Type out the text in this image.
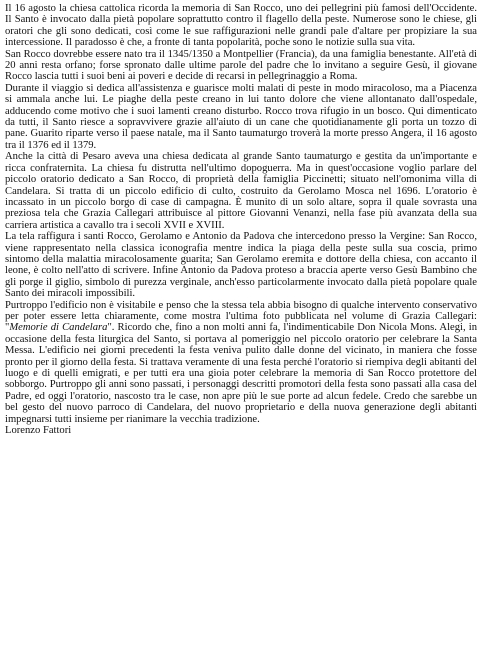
Il 16 agosto la chiesa cattolica ricorda la memoria di San Rocco, uno dei pellegrini più famosi dell'Occidente. Il Santo è invocato dalla pietà popolare soprattutto contro il flagello della peste. Numerose sono le chiese, gli oratori che gli sono dedicati, così come le sue raffigurazioni nelle grandi pale d'altare per propiziare la sua intercessione. Il paradosso è che, a fronte di tanta popolarità, poche sono le notizie sulla sua vita.

San Rocco dovrebbe essere nato tra il 1345/1350 a Montpellier (Francia), da una famiglia benestante. All'età di 20 anni resta orfano; forse spronato dalle ultime parole del padre che lo invitano a seguire Gesù, il giovane Rocco lascia tutti i suoi beni ai poveri e decide di recarsi in pellegrinaggio a Roma.

Durante il viaggio si dedica all'assistenza e guarisce molti malati di peste in modo miracoloso, ma a Piacenza si ammala anche lui. Le piaghe della peste creano in lui tanto dolore che viene allontanato dall'ospedale, adducendo come motivo che i suoi lamenti creano disturbo. Rocco trova rifugio in un bosco. Qui dimenticato da tutti, il Santo riesce a sopravvivere grazie all'aiuto di un cane che quotidianamente gli porta un tozzo di pane. Guarito riparte verso il paese natale, ma il Santo taumaturgo troverà la morte presso Angera, il 16 agosto tra il 1376 ed il 1379.

Anche la città di Pesaro aveva una chiesa dedicata al grande Santo taumaturgo e gestita da un'importante e ricca confraternita. La chiesa fu distrutta nell'ultimo dopoguerra. Ma in quest'occasione voglio parlare del piccolo oratorio dedicato a San Rocco, di proprietà della famiglia Piccinetti; situato nell'omonima villa di Candelara. Si tratta di un piccolo edificio di culto, costruito da Gerolamo Mosca nel 1696. L'oratorio è incassato in un piccolo borgo di case di campagna. È munito di un solo altare, sopra il quale sovrasta una preziosa tela che Grazia Callegari attribuisce al pittore Giovanni Venanzi, nella fase più avanzata della sua carriera artistica a cavallo tra i secoli XVII e XVIII.

La tela raffigura i santi Rocco, Gerolamo e Antonio da Padova che intercedono presso la Vergine: San Rocco, viene rappresentato nella classica iconografia mentre indica la piaga della peste sulla sua coscia, primo sintomo della malattia miracolosamente guarita; San Gerolamo eremita e dottore della chiesa, con accanto il leone, è colto nell'atto di scrivere. Infine Antonio da Padova proteso a braccia aperte verso Gesù Bambino che gli porge il giglio, simbolo di purezza verginale, anch'esso particolarmente invocato dalla pietà popolare quale Santo dei miracoli impossibili.

Purtroppo l'edificio non è visitabile e penso che la stessa tela abbia bisogno di qualche intervento conservativo per poter essere letta chiaramente, come mostra l'ultima foto pubblicata nel volume di Grazia Callegari: "Memorie di Candelara". Ricordo che, fino a non molti anni fa, l'indimenticabile Don Nicola Mons. Alegi, in occasione della festa liturgica del Santo, si portava al pomeriggio nel piccolo oratorio per celebrare la Santa Messa. L'edificio nei giorni precedenti la festa veniva pulito dalle donne del vicinato, in maniera che fosse pronto per il giorno della festa. Si trattava veramente di una festa perché l'oratorio si riempiva degli abitanti del luogo e di quelli emigrati, e per tutti era una gioia poter celebrare la memoria di San Rocco protettore del sobborgo. Purtroppo gli anni sono passati, i personaggi descritti promotori della festa sono passati alla casa del Padre, ed oggi l'oratorio, nascosto tra le case, non apre più le sue porte ad alcun fedele. Credo che sarebbe un bel gesto del nuovo parroco di Candelara, del nuovo proprietario e della nuova generazione degli abitanti impegnarsi tutti insieme per rianimare la vecchia tradizione.

Lorenzo Fattori
